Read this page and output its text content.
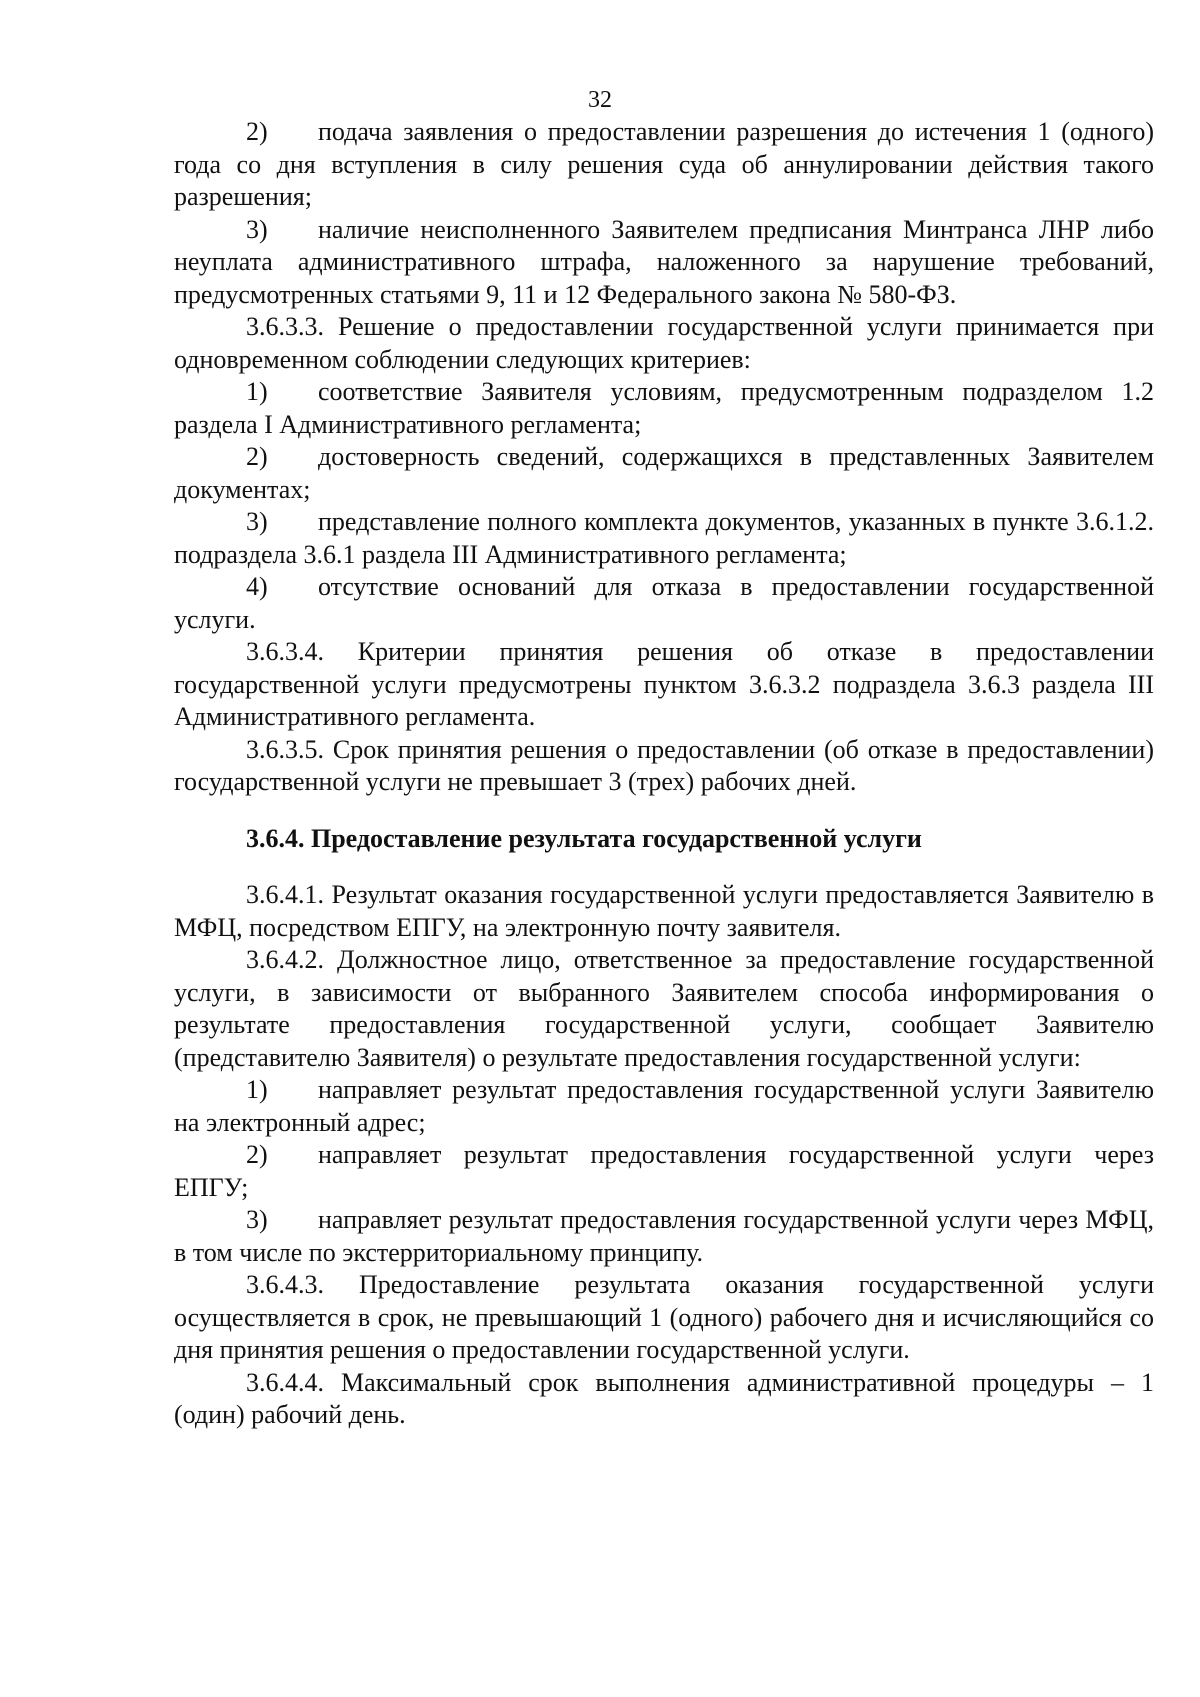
32

2) подача заявления о предоставлении разрешения до истечения 1 (одного) года со дня вступления в силу решения суда об аннулировании действия такого разрешения;

3) наличие неисполненного Заявителем предписания Минтранса ЛНР либо неуплата административного штрафа, наложенного за нарушение требований, предусмотренных статьями 9, 11 и 12 Федерального закона № 580-ФЗ.

3.6.3.3. Решение о предоставлении государственной услуги принимается при одновременном соблюдении следующих критериев:

1) соответствие Заявителя условиям, предусмотренным подразделом 1.2 раздела I Административного регламента;

2) достоверность сведений, содержащихся в представленных Заявителем документах;

3) представление полного комплекта документов, указанных в пункте 3.6.1.2. подраздела 3.6.1 раздела III Административного регламента;

4) отсутствие оснований для отказа в предоставлении государственной услуги.

3.6.3.4. Критерии принятия решения об отказе в предоставлении государственной услуги предусмотрены пунктом 3.6.3.2 подраздела 3.6.3 раздела III Административного регламента.

3.6.3.5. Срок принятия решения о предоставлении (об отказе в предоставлении) государственной услуги не превышает 3 (трех) рабочих дней.

3.6.4. Предоставление результата государственной услуги

3.6.4.1. Результат оказания государственной услуги предоставляется Заявителю в МФЦ, посредством ЕПГУ, на электронную почту заявителя.

3.6.4.2. Должностное лицо, ответственное за предоставление государственной услуги, в зависимости от выбранного Заявителем способа информирования о результате предоставления государственной услуги, сообщает Заявителю (представителю Заявителя) о результате предоставления государственной услуги:

1) направляет результат предоставления государственной услуги Заявителю на электронный адрес;

2) направляет результат предоставления государственной услуги через ЕПГУ;

3) направляет результат предоставления государственной услуги через МФЦ, в том числе по экстерриториальному принципу.

3.6.4.3. Предоставление результата оказания государственной услуги осуществляется в срок, не превышающий 1 (одного) рабочего дня и исчисляющийся со дня принятия решения о предоставлении государственной услуги.

3.6.4.4. Максимальный срок выполнения административной процедуры – 1 (один) рабочий день.
